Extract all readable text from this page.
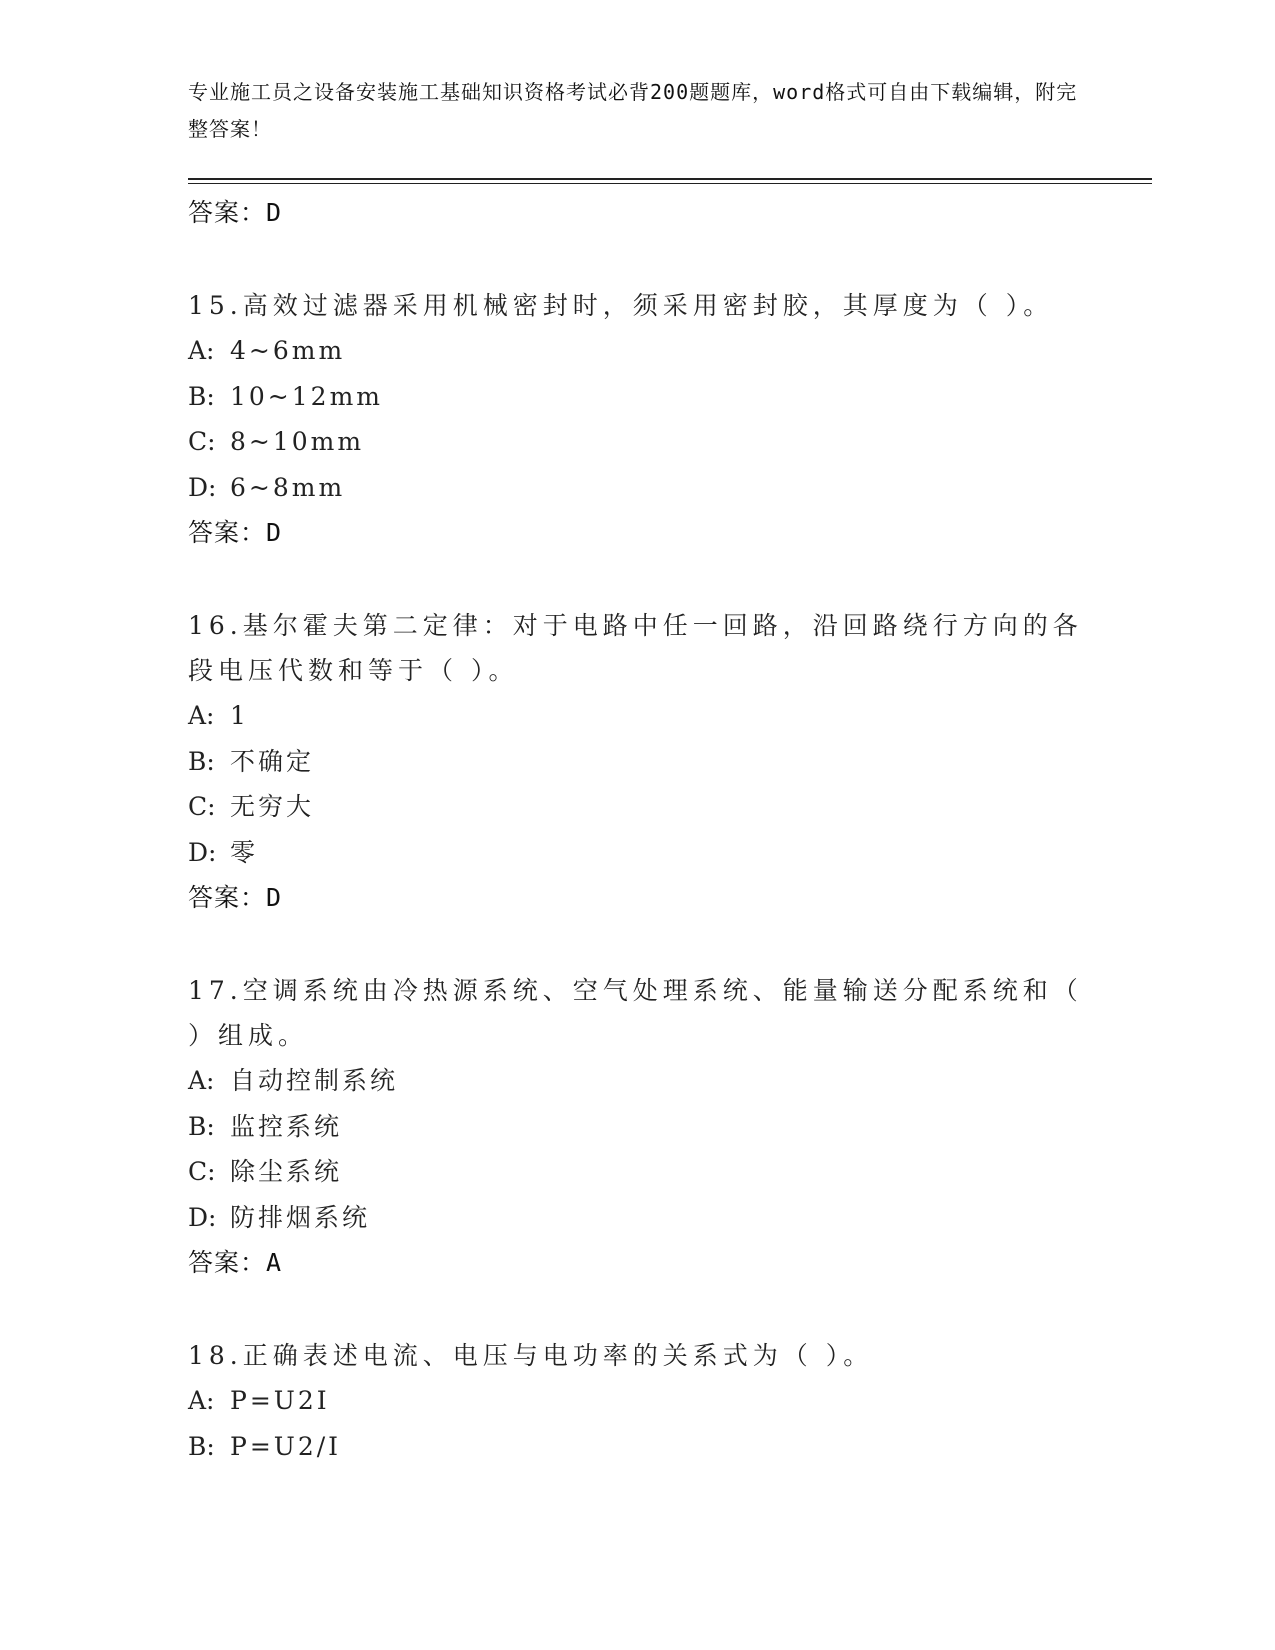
专业施工员之设备安装施工基础知识资格考试必背200题题库，word格式可自由下载编辑，附完整答案！
答案：D
15.高效过滤器采用机械密封时，须采用密封胶，其厚度为（ ）。
A: 4~6mm
B: 10~12mm
C: 8~10mm
D: 6~8mm
答案：D
16.基尔霍夫第二定律：对于电路中任一回路，沿回路绕行方向的各段电压代数和等于（ ）。
A: 1
B: 不确定
C: 无穷大
D: 零
答案：D
17.空调系统由冷热源系统、空气处理系统、能量输送分配系统和（ ）组成。
A: 自动控制系统
B: 监控系统
C: 除尘系统
D: 防排烟系统
答案：A
18.正确表述电流、电压与电功率的关系式为（ ）。
A: P=U2I
B: P=U2/I
